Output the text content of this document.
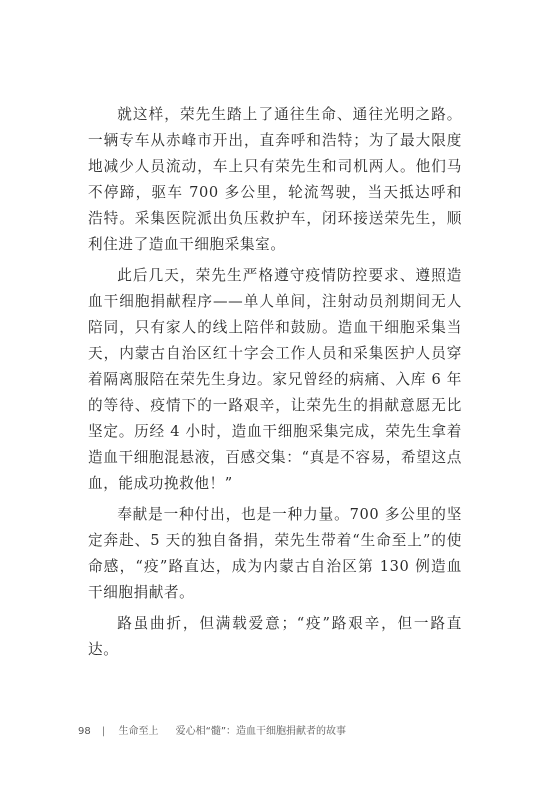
就这样，荣先生踏上了通往生命、通往光明之路。一辆专车从赤峰市开出，直奔呼和浩特；为了最大限度地减少人员流动，车上只有荣先生和司机两人。他们马不停蹄，驱车 700 多公里，轮流驾驶，当天抵达呼和浩特。采集医院派出负压救护车，闭环接送荣先生，顺利住进了造血干细胞采集室。

此后几天，荣先生严格遵守疫情防控要求、遵照造血干细胞捐献程序——单人单间，注射动员剂期间无人陪同，只有家人的线上陪伴和鼓励。造血干细胞采集当天，内蒙古自治区红十字会工作人员和采集医护人员穿着隔离服陪在荣先生身边。家兄曾经的病痛、入库 6 年的等待、疫情下的一路艰辛，让荣先生的捐献意愿无比坚定。历经 4 小时，造血干细胞采集完成，荣先生拿着造血干细胞混悬液，百感交集：“真是不容易，希望这点血，能成功挽救他！”

奉献是一种付出，也是一种力量。700 多公里的坚定奔赴、5 天的独自备捐，荣先生带着“生命至上”的使命感，“疫”路直达，成为内蒙古自治区第 130 例造血干细胞捐献者。

路虽曲折，但满载爱意；“疫”路艰辛，但一路直达。

98 | 生命至上 爱心相“髓”：造血干细胞捐献者的故事
